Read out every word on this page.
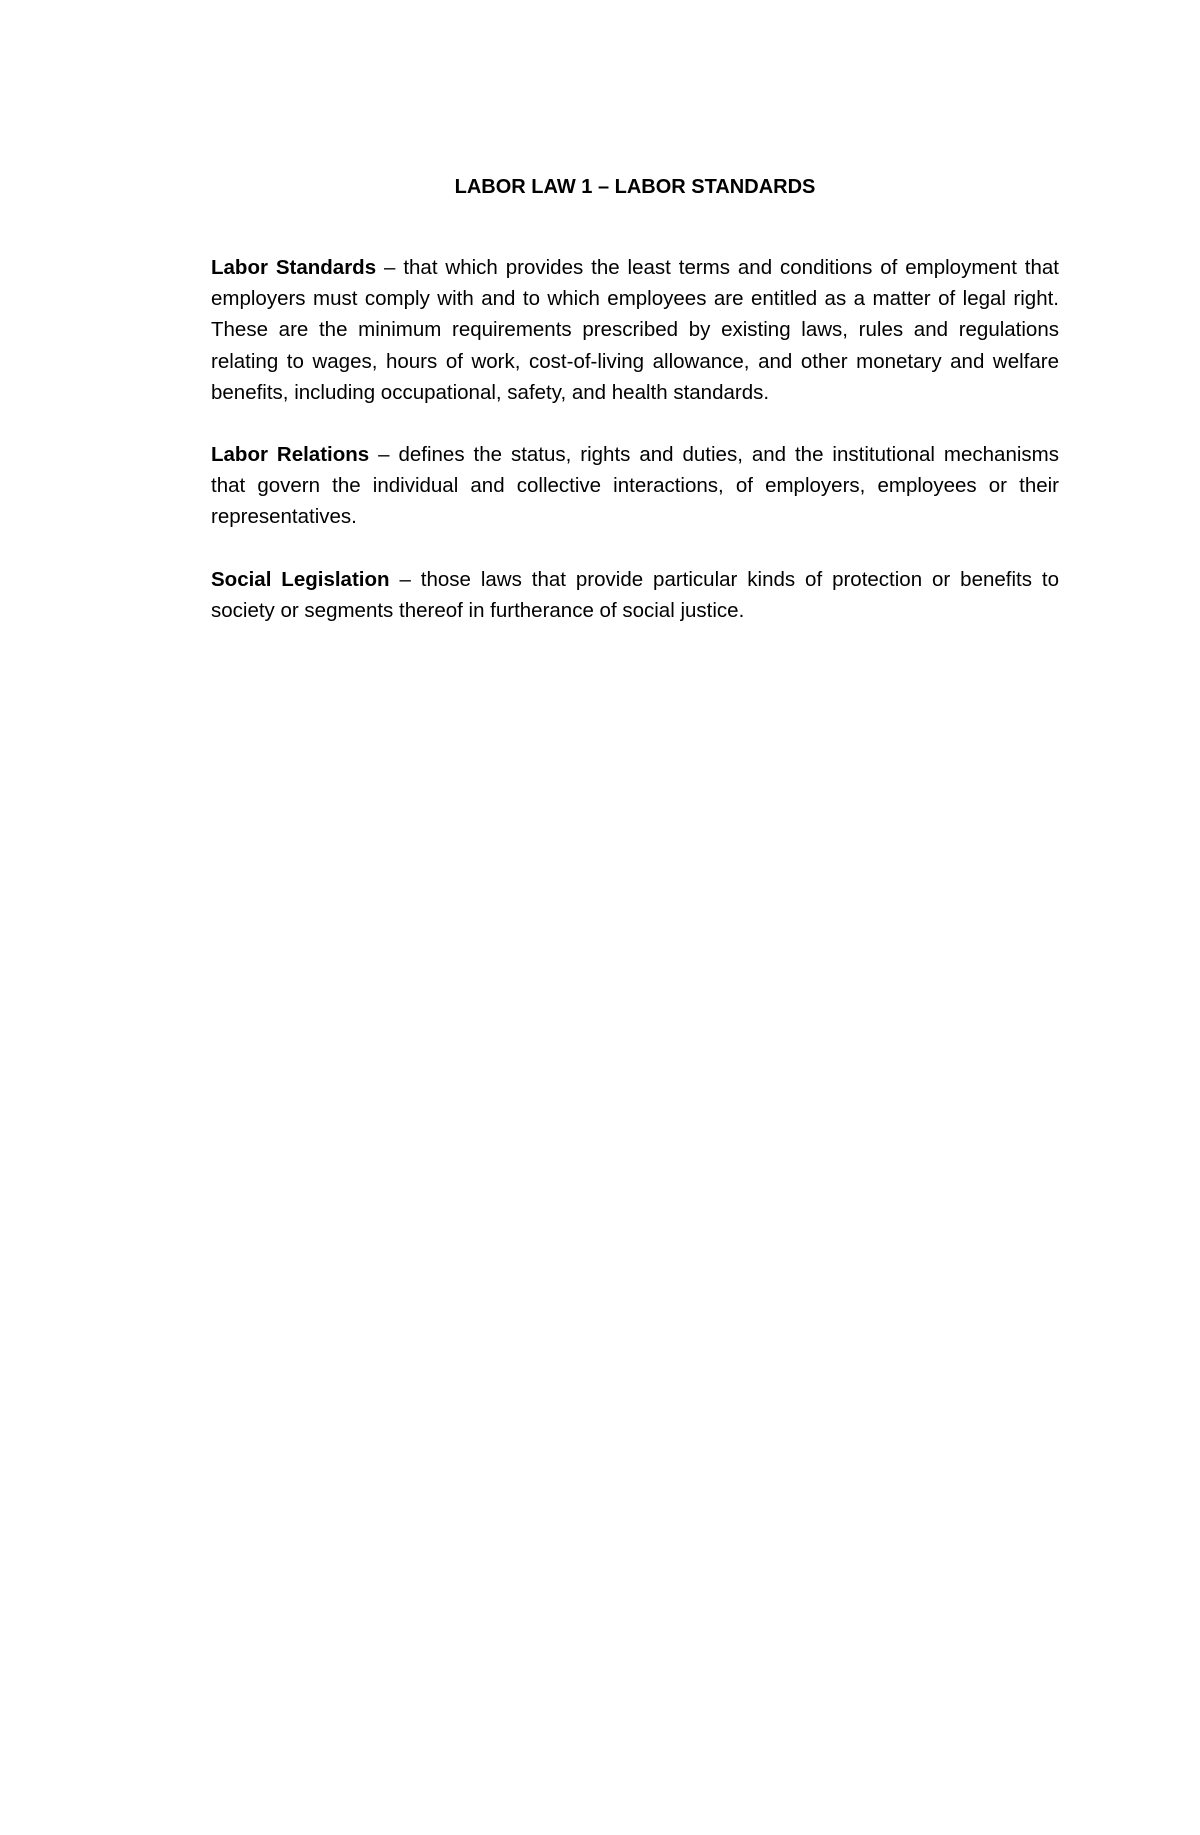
LABOR LAW 1 – LABOR STANDARDS

Labor Standards – that which provides the least terms and conditions of employment that employers must comply with and to which employees are entitled as a matter of legal right. These are the minimum requirements prescribed by existing laws, rules and regulations relating to wages, hours of work, cost-of-living allowance, and other monetary and welfare benefits, including occupational, safety, and health standards.

Labor Relations – defines the status, rights and duties, and the institutional mechanisms that govern the individual and collective interactions, of employers, employees or their representatives.

Social Legislation – those laws that provide particular kinds of protection or benefits to society or segments thereof in furtherance of social justice.
